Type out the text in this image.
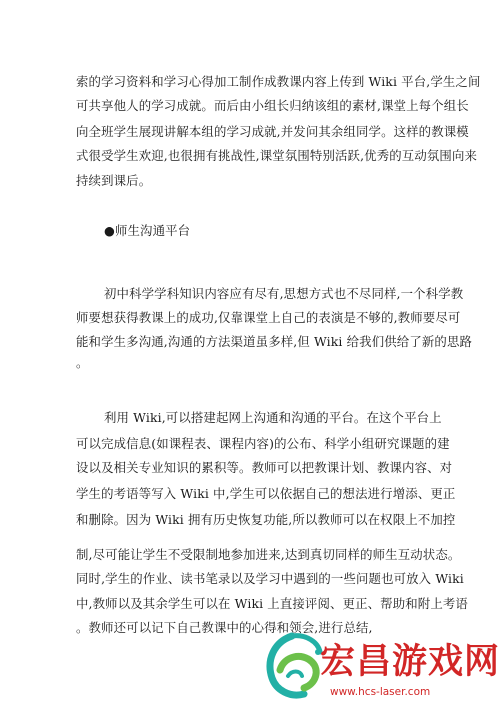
索的学习资料和学习心得加工制作成教课内容上传到 Wiki 平台,学生之间
可共享他人的学习成就。而后由小组长归纳该组的素材,课堂上每个组长
向全班学生展现讲解本组的学习成就,并发问其余组同学。这样的教课模
式很受学生欢迎,也很拥有挑战性,课堂氛围特别活跃,优秀的互动氛围向来
持续到课后。
●师生沟通平台
初中科学学科知识内容应有尽有,思想方式也不尽同样,一个科学教
师要想获得教课上的成功,仅靠课堂上自己的表演是不够的,教师要尽可
能和学生多沟通,沟通的方法渠道虽多样,但 Wiki 给我们供给了新的思路
。
利用 Wiki,可以搭建起网上沟通和沟通的平台。在这个平台上
可以完成信息(如课程表、课程内容)的公布、科学小组研究课题的建
设以及相关专业知识的累积等。教师可以把教课计划、教课内容、对
学生的考语等写入 Wiki 中,学生可以依据自己的想法进行增添、更正
和删除。因为 Wiki 拥有历史恢复功能,所以教师可以在权限上不加控
制,尽可能让学生不受限制地参加进来,达到真切同样的师生互动状态。
同时,学生的作业、读书笔录以及学习中遇到的一些问题也可放入 Wiki
中,教师以及其余学生可以在 Wiki 上直接评阅、更正、帮助和附上考语
。教师还可以记下自己教课中的心得和领会,进行总结,
宏昌游戏网
www.hcs-laser.com
